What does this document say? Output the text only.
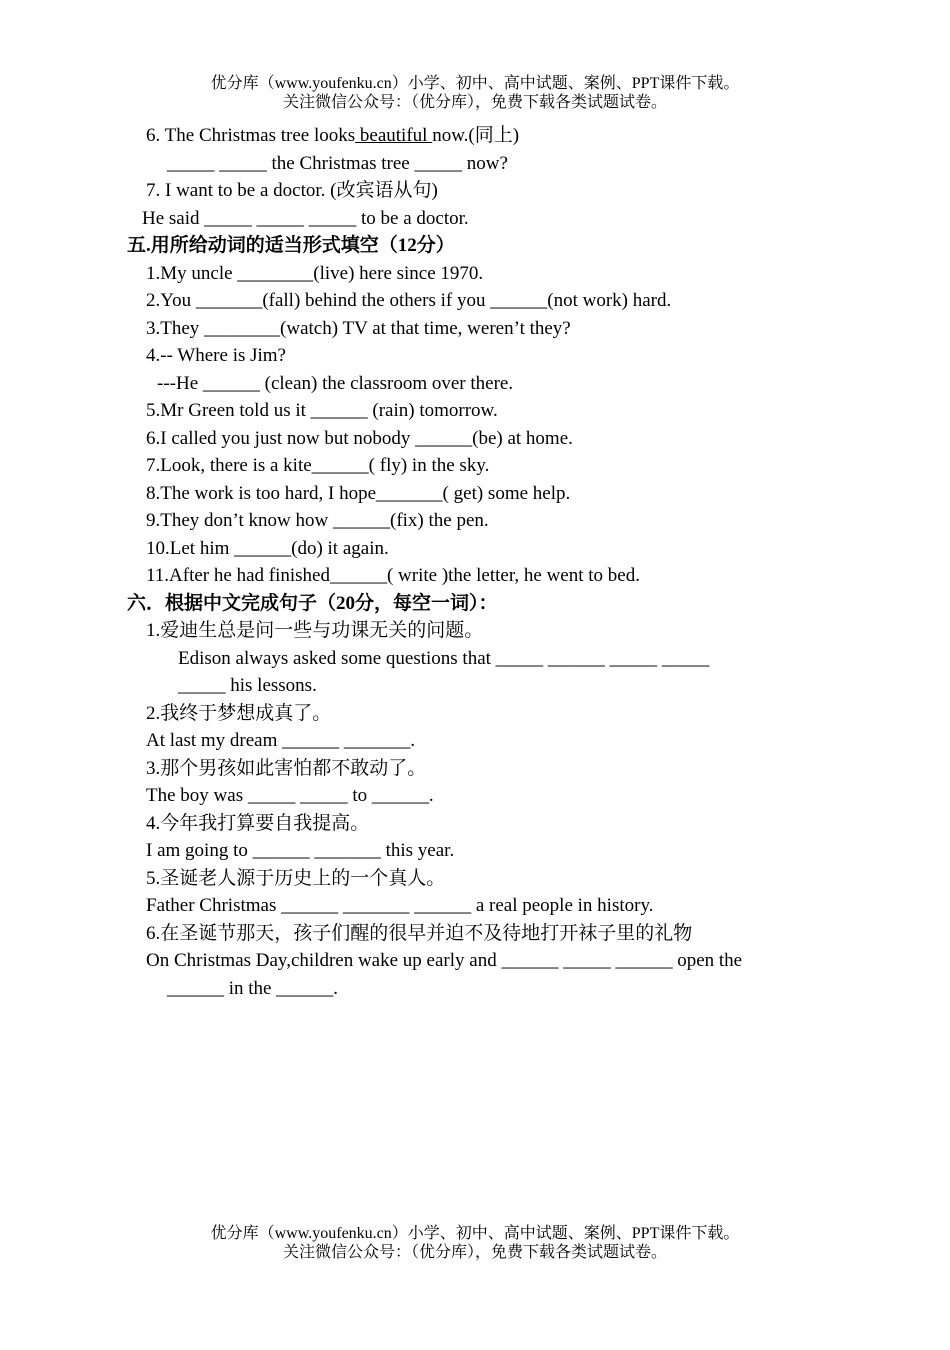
优分库（www.youfenku.cn）小学、初中、高中试题、案例、PPT课件下载。
关注微信公众号：（优分库），免费下载各类试题试卷。
6. The Christmas tree looks beautiful now.(同上)
_____ _____ the Christmas tree _____ now?
7. I want to be a doctor. (改宾语从句)
He said _____ _____ _____ to be a doctor.
五.用所给动词的适当形式填空（12分）
1.My uncle ________(live) here since 1970.
2.You _______(fall) behind the others if you ______(not work) hard.
3.They ________(watch) TV at that time, weren’t they?
4.-- Where is Jim?
---He ______ (clean) the classroom over there.
5.Mr Green told us it ______ (rain) tomorrow.
6.I called you just now but nobody ______(be) at home.
7.Look, there is a kite______( fly) in the sky.
8.The work is too hard, I hope_______( get) some help.
9.They don’t know how ______(fix) the pen.
10.Let him ______(do) it again.
11.After he had finished______( write )the letter, he went to bed.
六．根据中文完成句子（20分，每空一词）：
1.爱迪生总是问一些与功课无关的问题。
Edison always asked some questions that _____ ______ _____ _____
_____ his lessons.
2.我终于梦想成真了。
At last my dream ______ _______.
3.那个男孩如此害怕都不敢动了。
The boy was _____ _____ to ______.
4.今年我打算要自我提高。
I am going to ______ _______ this year.
5.圣诞老人源于历史上的一个真人。
Father Christmas ______ _______ ______ a real people in history.
6.在圣诞节那天，孩子们醒的很早并迫不及待地打开袜子里的礼物
On Christmas Day,children wake up early and ______ _____ ______ open the
______ in the ______.
优分库（www.youfenku.cn）小学、初中、高中试题、案例、PPT课件下载。
关注微信公众号：（优分库），免费下载各类试题试卷。
